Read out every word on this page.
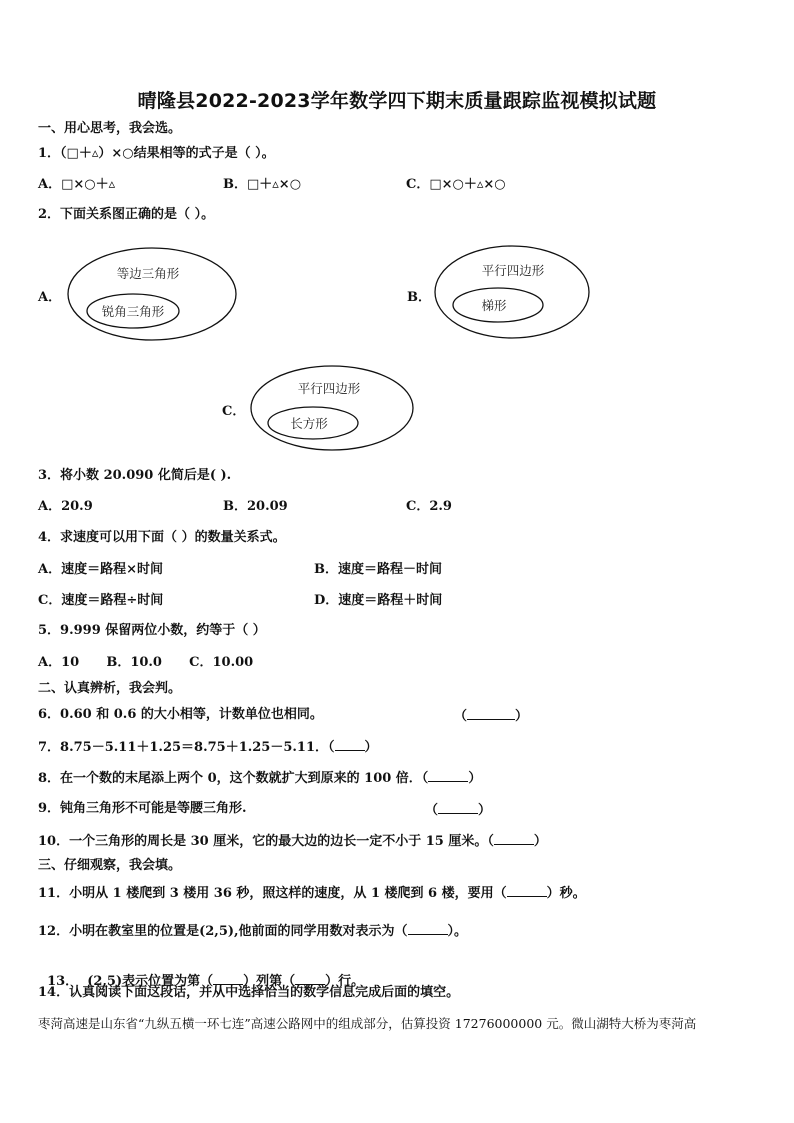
晴隆县2022-2023学年数学四下期末质量跟踪监视模拟试题
一、用心思考，我会选。
1．（□＋▵）×○结果相等的式子是（ ）。
A．□×○＋▵	B．□＋▵×○	C．□×○＋▵×○
2．下面关系图正确的是（ ）。
A．
等边三角形
锐角三角形
B．
平行四边形
梯形
C．
平行四边形
长方形
3．将小数 20.090 化简后是( ).
A．20.9	B．20.09	C．2.9
4．求速度可以用下面（ ）的数量关系式。
A．速度＝路程×时间	B．速度＝路程－时间
C．速度＝路程÷时间	D．速度＝路程＋时间
5．9.999 保留两位小数，约等于（ ）
A．10      B．10.0      C．10.00
二、认真辨析，我会判。
6．0.60 和 0.6 的大小相等，计数单位也相同。	（	）
7．8.75－5.11＋1.25＝8.75＋1.25－5.11．（ ）
8．在一个数的末尾添上两个 0，这个数就扩大到原来的 100 倍．（	）
9．钝角三角形不可能是等腰三角形.	（	）
10．一个三角形的周长是 30 厘米，它的最大边的边长一定不小于 15 厘米。（	）
三、仔细观察，我会填。
11．小明从 1 楼爬到 3 楼用 36 秒，照这样的速度，从 1 楼爬到 6 楼，要用（	）秒。
12．小明在教室里的位置是(2,5),他前面的同学用数对表示为（	）。

13．  (2,5)表示位置为第（ ）列第（ ）行。

14．认真阅读下面这段话，并从中选择恰当的数学信息完成后面的填空。
枣菏高速是山东省“九纵五横一环七连”高速公路网中的组成部分，估算投资 17276000000 元。微山湖特大桥为枣菏高
